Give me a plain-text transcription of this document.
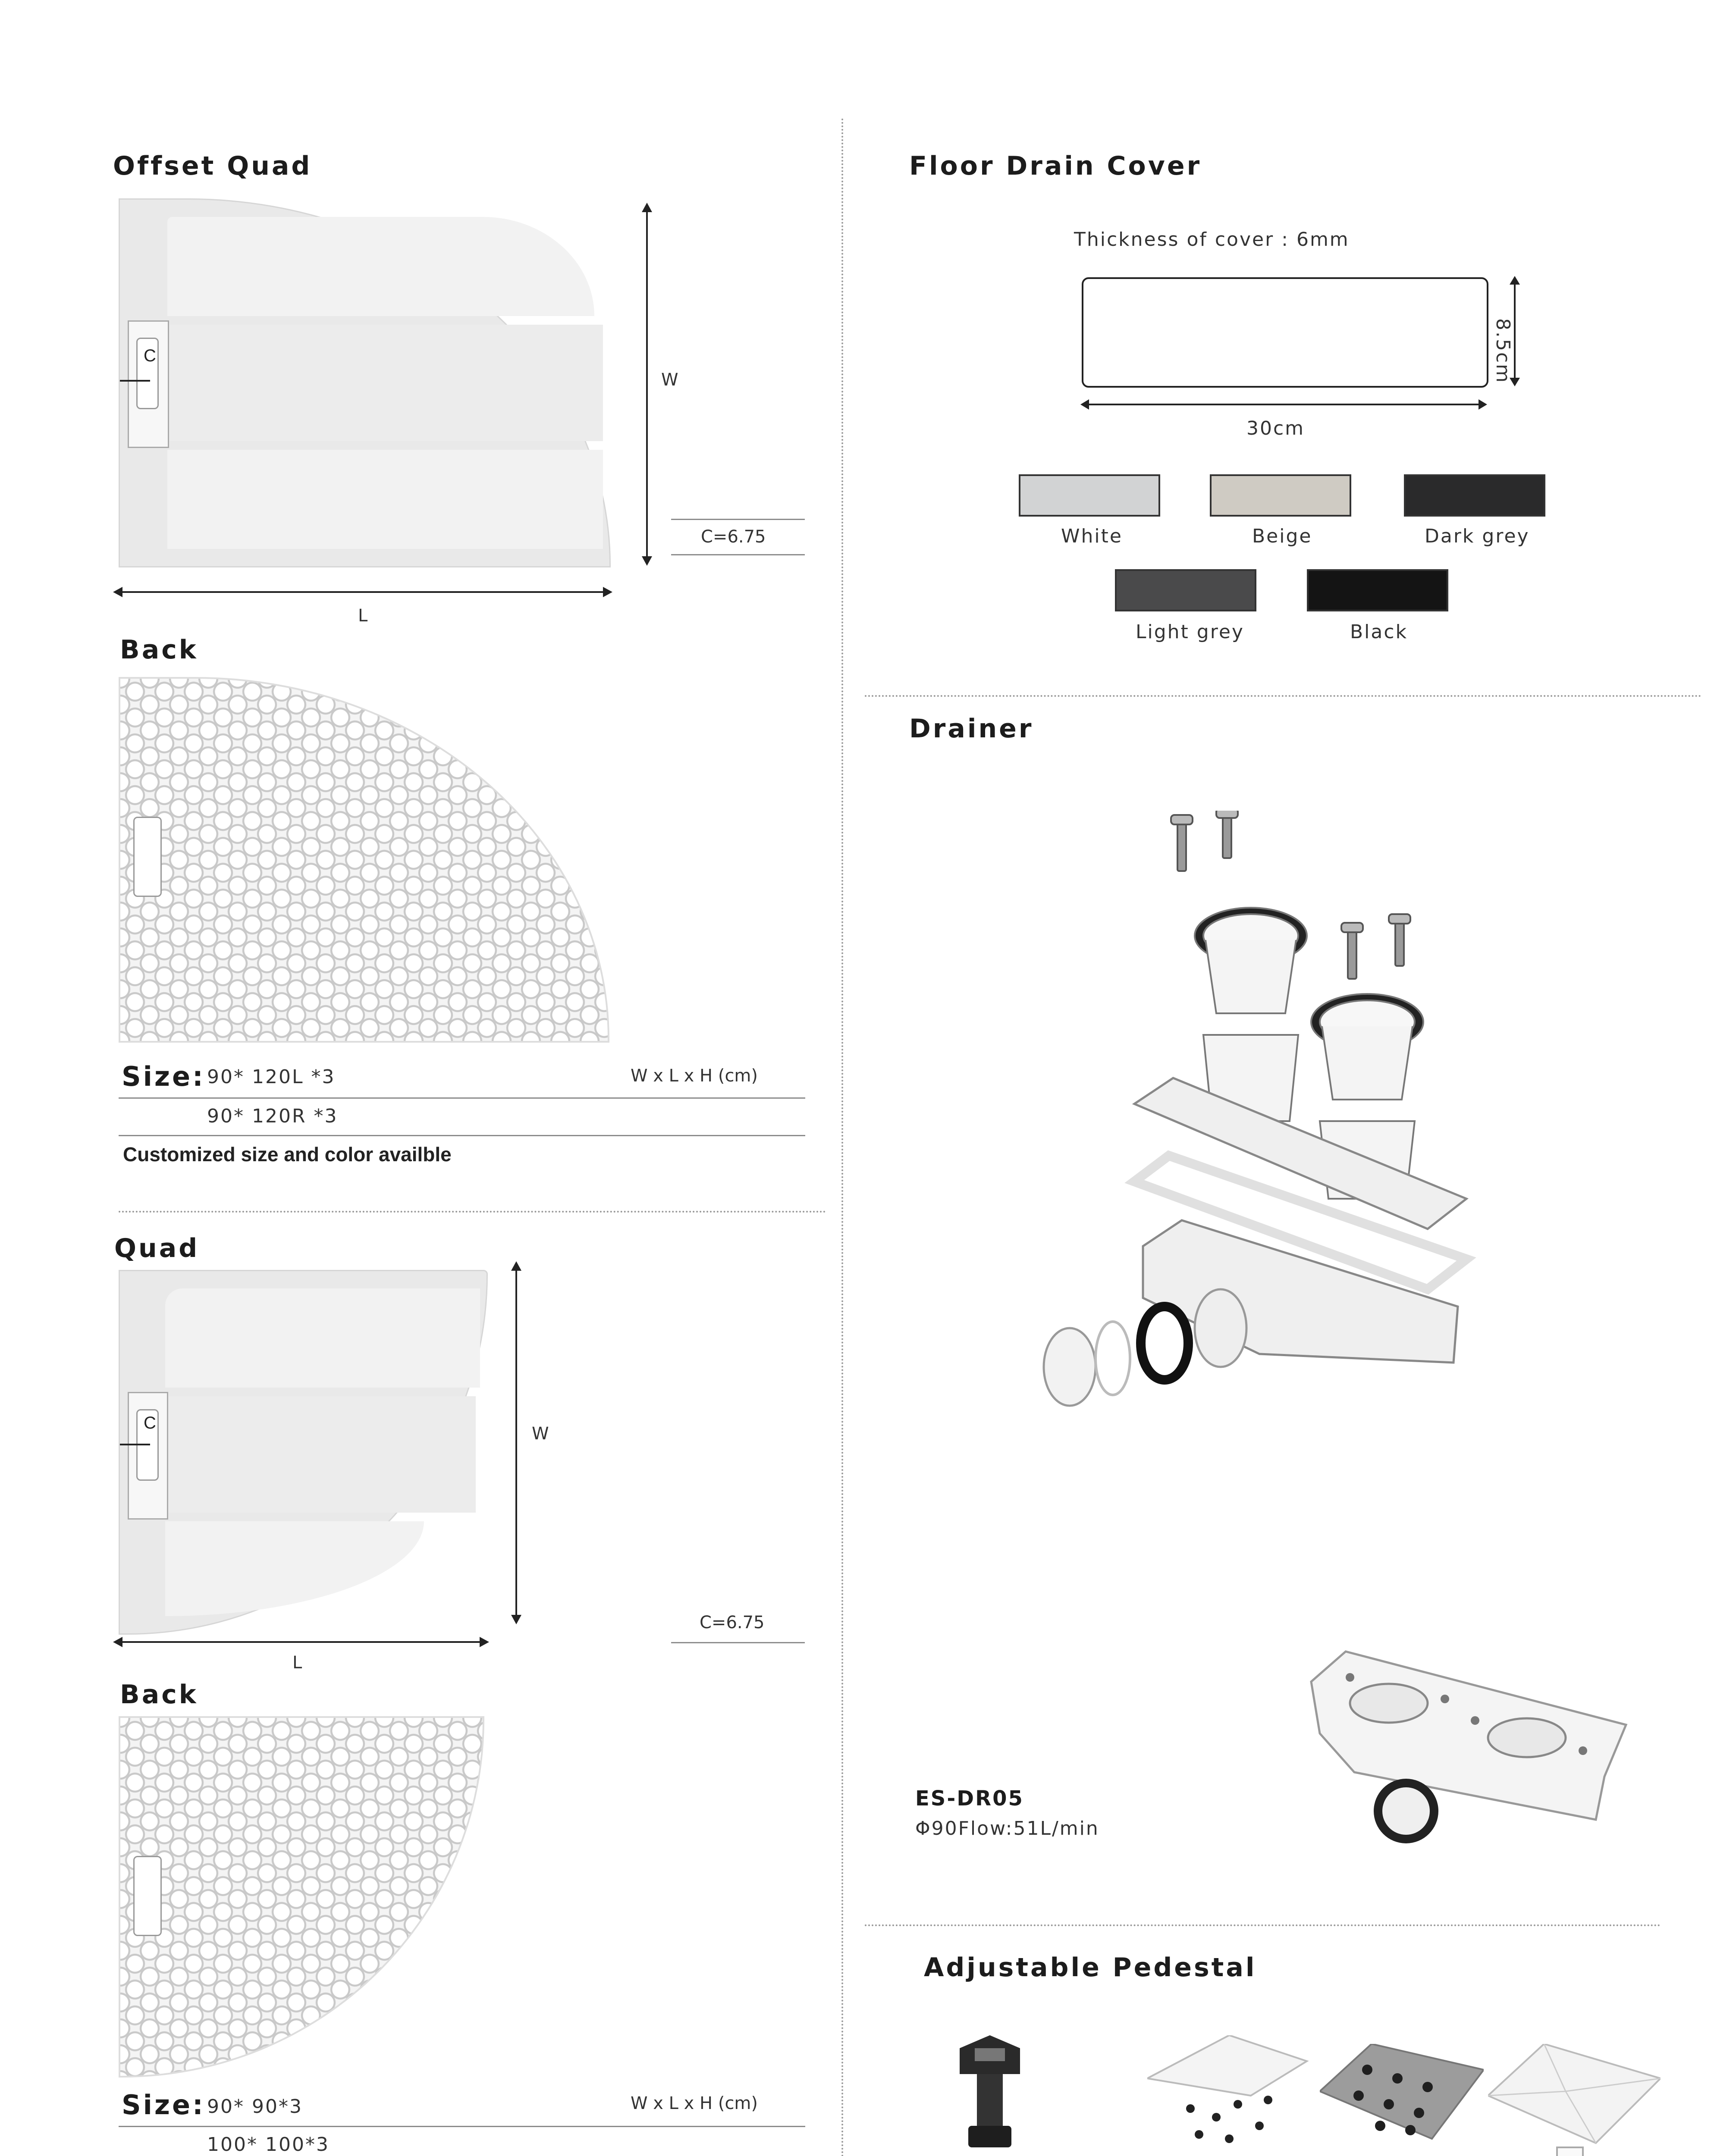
Offset Quad
C
W
C=6.75
L
Back
Size: 90* 120L *3	W x L x H (cm)
90* 120R *3
Customized size and color availble
Quad
C
W
C=6.75
L
Back
Size: 90* 90*3	W x L x H (cm)
100* 100*3
Floor Drain Cover
Thickness of cover : 6mm
8.5cm
30cm
White	Beige	Dark grey
Light grey	Black
Drainer
ES-DR05
Φ90Flow:51L/min
Adjustable Pedestal
